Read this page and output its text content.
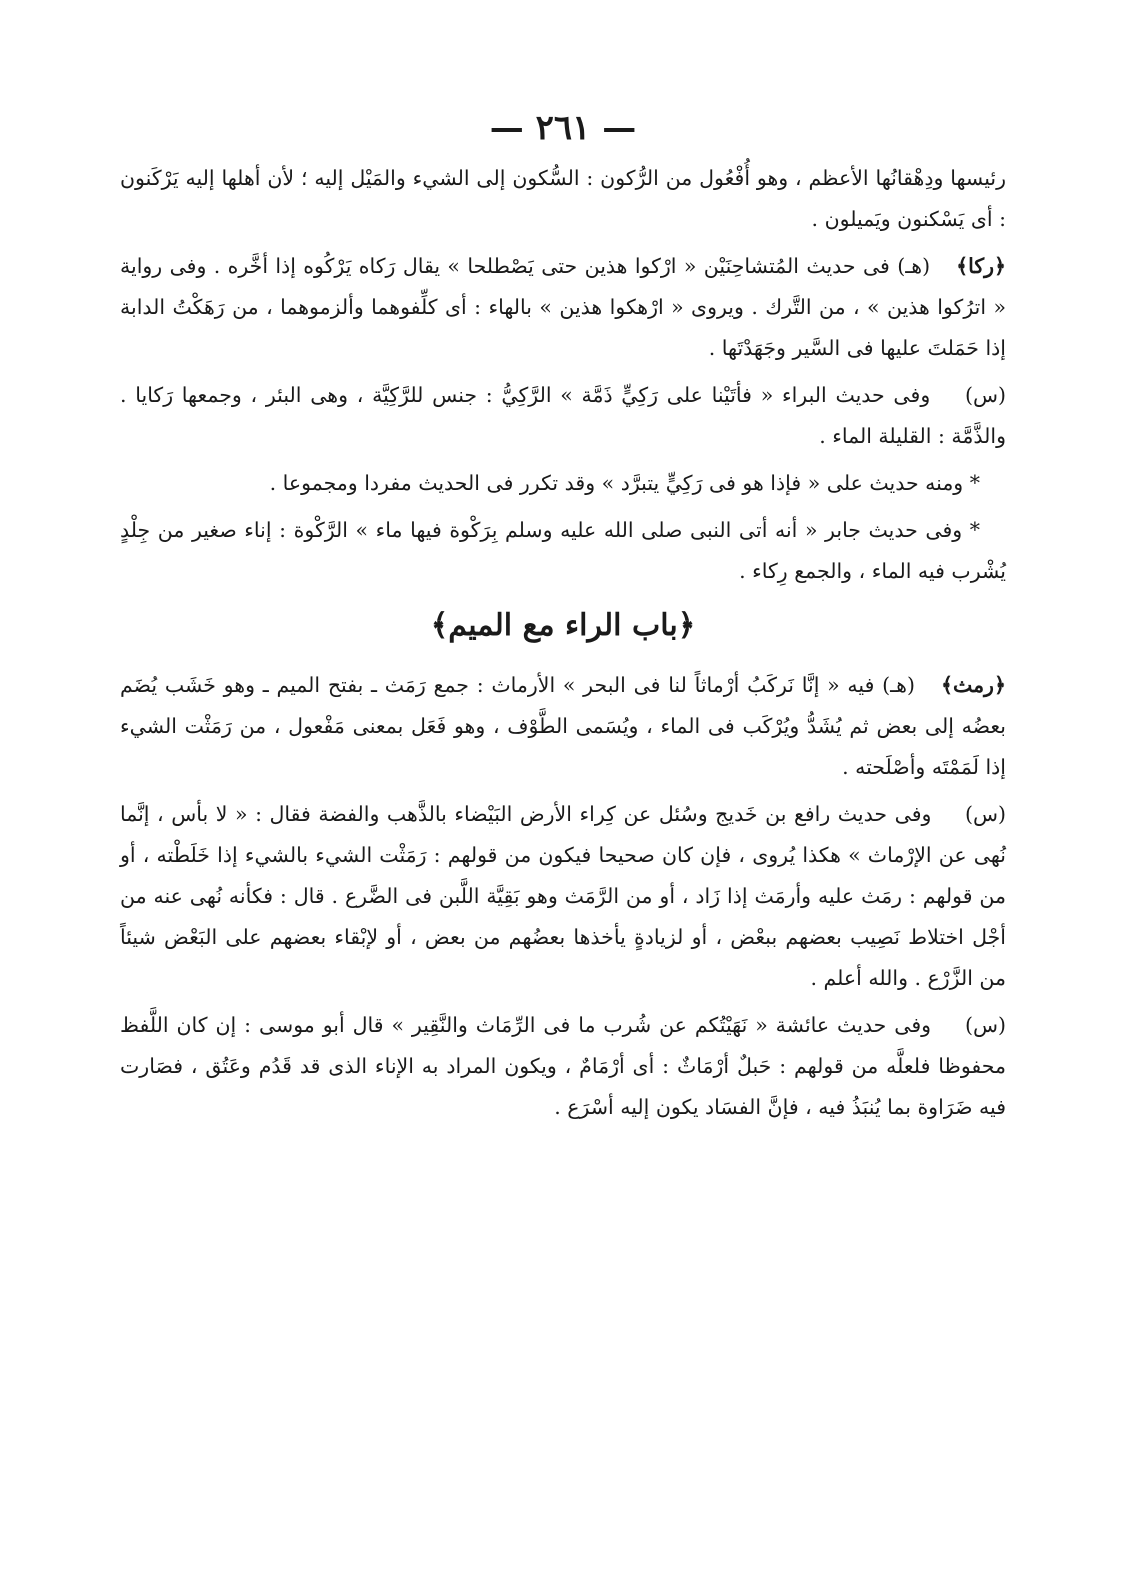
— ٢٦١ —

رئيسها ودِهْقانُها الأعظم ، وهو أُفْعُول من الرُّكون : السُّكون إلى الشيء والمَيْل إليه ؛ لأن أهلها إليه يَرْكَنون : أى يَسْكنون ويَميلون .

﴿ركا﴾(هـ) فى حديث المُتشاحِنَيْن « ارْكوا هذين حتى يَصْطلحا » يقال رَكاه يَرْكُوه إذا أخَّره . وفى رواية « اترُكوا هذين » ، من التَّرك . ويروى « ارْهكوا هذين » بالهاء : أى كلِّفوهما وألزموهما ، من رَهَكْتُ الدابة إذا حَمَلتَ عليها فى السَّير وجَهَدْتَها .

(س) وفى حديث البراء « فأتَيْنا على رَكِيٍّ ذَمَّة » الرَّكِيُّ : جنس للرَّكِيَّة ، وهى البئر ، وجمعها رَكايا . والذَّمَّة : القليلة الماء .

* ومنه حديث على « فإذا هو فى رَكِيٍّ يتبرَّد » وقد تكرر فى الحديث مفردا ومجموعا .

* وفى حديث جابر « أنه أتى النبى صلى الله عليه وسلم بِرَكْوة فيها ماء » الرَّكْوة : إناء صغير من جِلْدٍ يُشْرب فيه الماء ، والجمع رِكاء .

﴿باب الراء مع الميم﴾

﴿رمث﴾(هـ) فيه « إنَّا نَركَبُ أرْماثاً لنا فى البحر » الأرماث : جمع رَمَث ـ بفتح الميم ـ وهو خَشَب يُضَم بعضُه إلى بعض ثم يُشَدُّ ويُرْكَب فى الماء ، ويُسَمى الطَّوْف ، وهو فَعَل بمعنى مَفْعول ، من رَمَثْت الشيء إذا لَمَمْتَه وأصْلَحته .

(س) وفى حديث رافع بن خَديج وسُئل عن كِراء الأرض البَيْضاء بالذَّهب والفضة فقال : « لا بأس ، إنَّما نُهى عن الإرْماث » هكذا يُروى ، فإن كان صحيحا فيكون من قولهم : رَمَثْت الشيء بالشيء إذا خَلَطْته ، أو من قولهم : رمَث عليه وأرمَث إذا زَاد ، أو من الرَّمَث وهو بَقِيَّة اللَّبن فى الضَّرع . قال : فكأنه نُهى عنه من أجْل اختلاط نَصِيب بعضهم ببعْض ، أو لزيادةٍ يأخذها بعضُهم من بعض ، أو لإبْقاء بعضهم على البَعْض شيئاً من الزَّرْع . والله أعلم .

(س) وفى حديث عائشة « نَهَيْتُكم عن شُرب ما فى الرِّمَاث والنَّقِير » قال أبو موسى : إن كان اللَّفظ محفوظا فلعلَّه من قولهم : حَبلٌ أرْمَاثٌ : أى أرْمَامٌ ، ويكون المراد به الإناء الذى قد قَدُم وعَتُق ، فصَارت فيه ضَرَاوة بما يُنبَذُ فيه ، فإنَّ الفسَاد يكون إليه أسْرَع .
